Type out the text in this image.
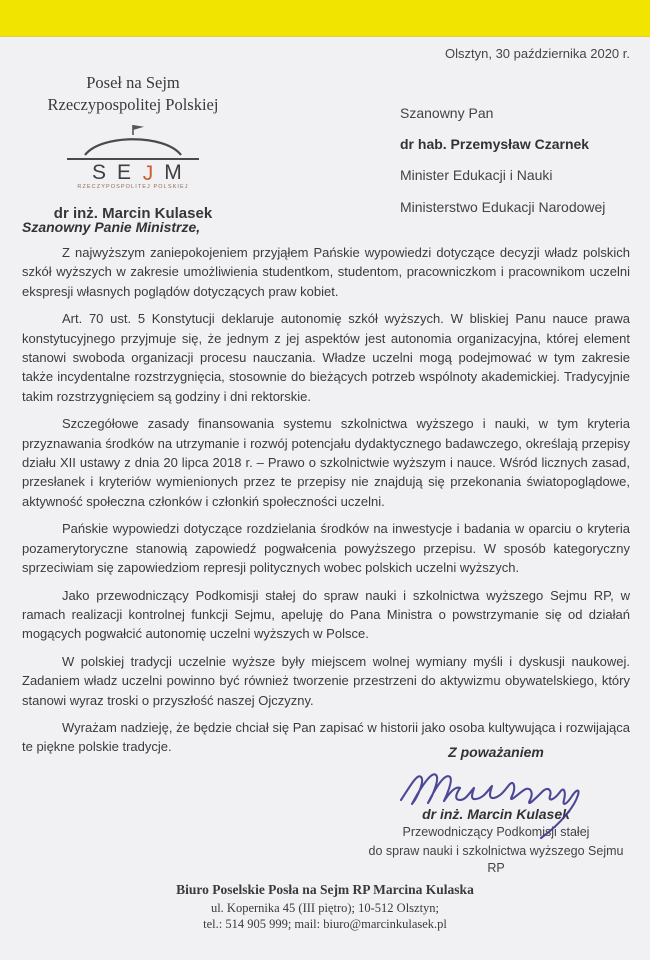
Olsztyn, 30 października 2020 r.
Poseł na Sejm
Rzeczypospolitej Polskiej
S E J M
RZECZYPOSPOLITEJ POLSKIEJ
dr inż. Marcin Kulasek
Szanowny Pan
dr hab. Przemysław Czarnek
Minister Edukacji i Nauki
Ministerstwo Edukacji Narodowej
Szanowny Panie Ministrze,

Z najwyższym zaniepokojeniem przyjąłem Pańskie wypowiedzi dotyczące decyzji władz polskich szkół wyższych w zakresie umożliwienia studentkom, studentom, pracowniczkom i pracownikom uczelni ekspresji własnych poglądów dotyczących praw kobiet.

Art. 70 ust. 5 Konstytucji deklaruje autonomię szkół wyższych. W bliskiej Panu nauce prawa konstytucyjnego przyjmuje się, że jednym z jej aspektów jest autonomia organizacyjna, której element stanowi swoboda organizacji procesu nauczania. Władze uczelni mogą podejmować w tym zakresie także incydentalne rozstrzygnięcia, stosownie do bieżących potrzeb wspólnoty akademickiej. Tradycyjnie takim rozstrzygnięciem są godziny i dni rektorskie.

Szczegółowe zasady finansowania systemu szkolnictwa wyższego i nauki, w tym kryteria przyznawania środków na utrzymanie i rozwój potencjału dydaktycznego badawczego, określają przepisy działu XII ustawy z dnia 20 lipca 2018 r. – Prawo o szkolnictwie wyższym i nauce. Wśród licznych zasad, przesłanek i kryteriów wymienionych przez te przepisy nie znajdują się przekonania światopoglądowe, aktywność społeczna członków i członkiń społeczności uczelni.

Pańskie wypowiedzi dotyczące rozdzielania środków na inwestycje i badania w oparciu o kryteria pozamerytoryczne stanowią zapowiedź pogwałcenia powyższego przepisu. W sposób kategoryczny sprzeciwiam się zapowiedziom represji politycznych wobec polskich uczelni wyższych.

Jako przewodniczący Podkomisji stałej do spraw nauki i szkolnictwa wyższego Sejmu RP, w ramach realizacji kontrolnej funkcji Sejmu, apeluję do Pana Ministra o powstrzymanie się od działań mogących pogwałcić autonomię uczelni wyższych w Polsce.

W polskiej tradycji uczelnie wyższe były miejscem wolnej wymiany myśli i dyskusji naukowej. Zadaniem władz uczelni powinno być również tworzenie przestrzeni do aktywizmu obywatelskiego, który stanowi wyraz troski o przyszłość naszej Ojczyzny.

Wyrażam nadzieję, że będzie chciał się Pan zapisać w historii jako osoba kultywująca i rozwijająca te piękne polskie tradycje.	Z poważaniem
dr inż. Marcin Kulasek
Przewodniczący Podkomisji stałej
do spraw nauki i szkolnictwa wyższego Sejmu RP
Biuro Poselskie Posła na Sejm RP Marcina Kulaska
ul. Kopernika 45 (III piętro); 10-512 Olsztyn;
tel.: 514 905 999; mail: biuro@marcinkulasek.pl
